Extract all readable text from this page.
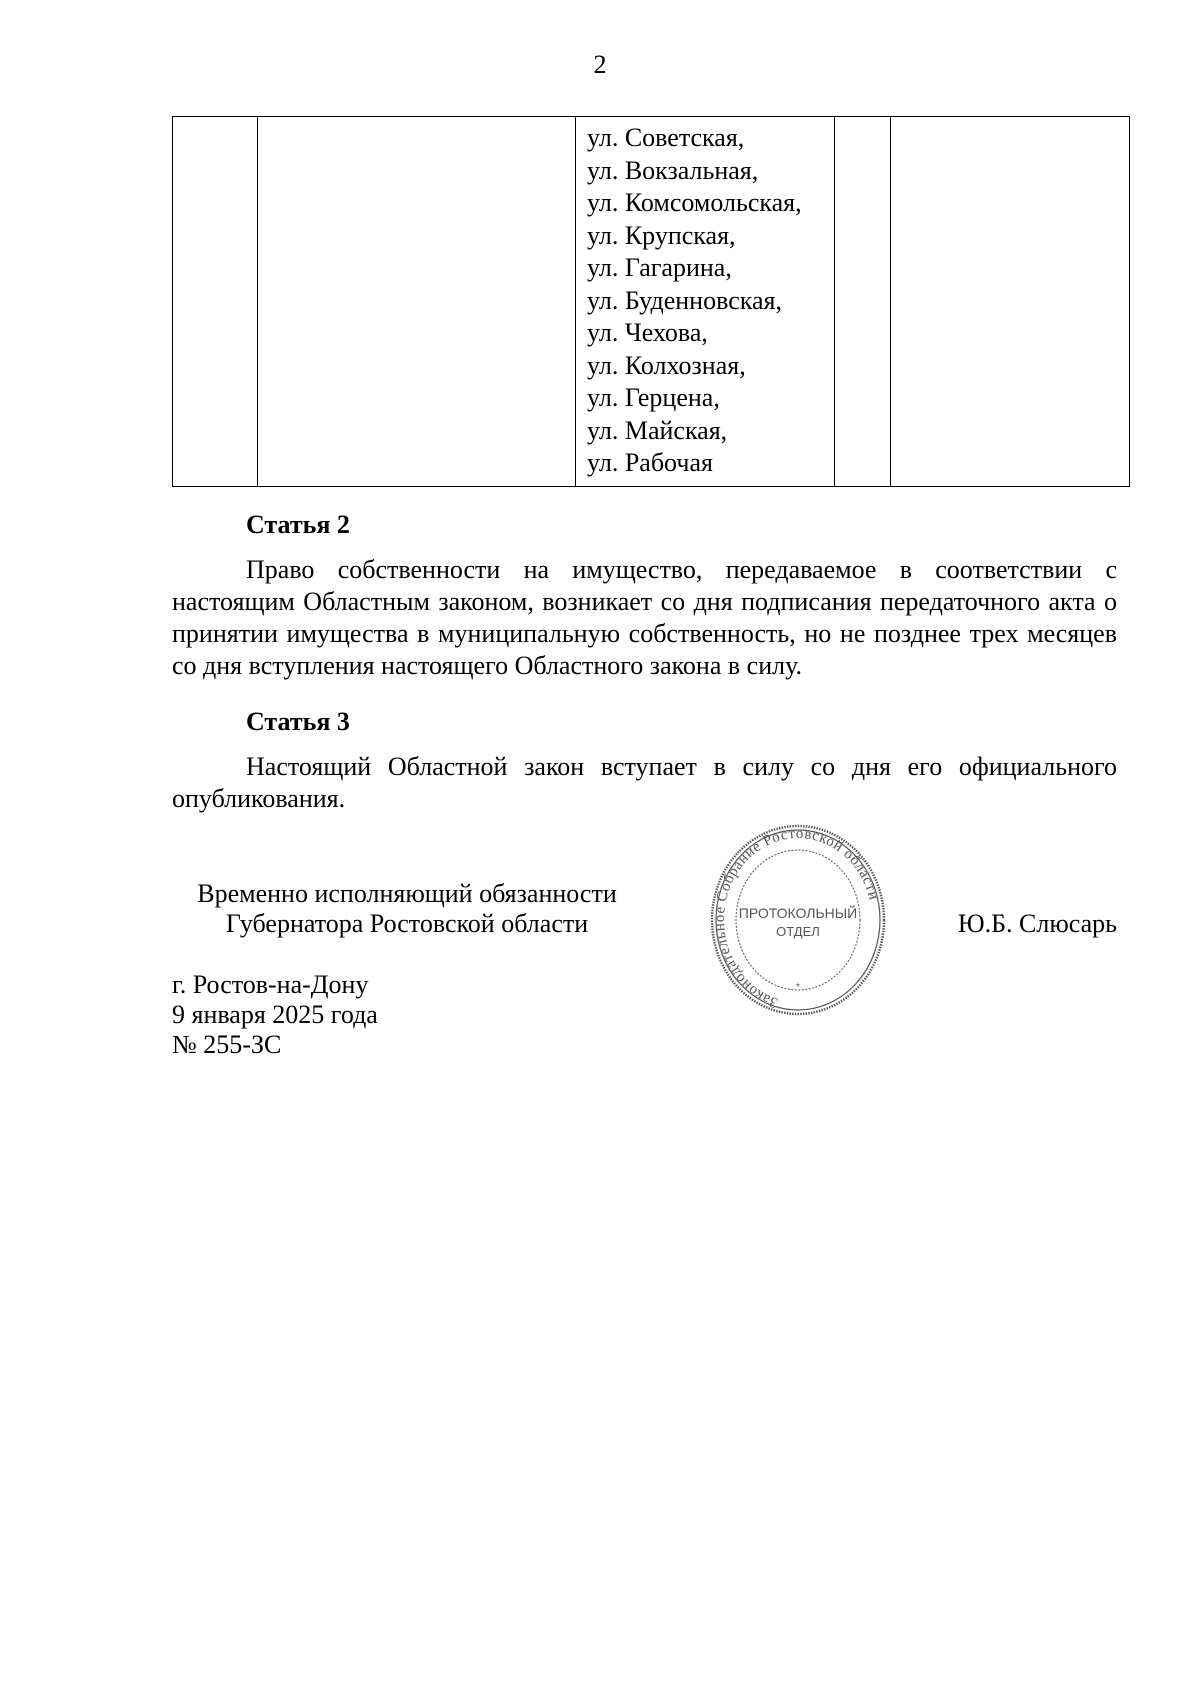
2

ул. Советская,
ул. Вокзальная,
ул. Комсомольская,
ул. Крупская,
ул. Гагарина,
ул. Буденновская,
ул. Чехова,
ул. Колхозная,
ул. Герцена,
ул. Майская,
ул. Рабочая

Статья 2

Право собственности на имущество, передаваемое в соответствии с настоящим Областным законом, возникает со дня подписания передаточного акта о принятии имущества в муниципальную собственность, но не позднее трех месяцев со дня вступления настоящего Областного закона в силу.

Статья 3

Настоящий Областной закон вступает в силу со дня его официального опубликования.

Временно исполняющий обязанности
Губернатора Ростовской области	Ю.Б. Слюсарь
г. Ростов-на-Дону
9 января 2025 года
№ 255-ЗС
Законодательное Собрание Ростовской области
ПРОТОКОЛЬНЫЙ
ОТДЕЛ
*
